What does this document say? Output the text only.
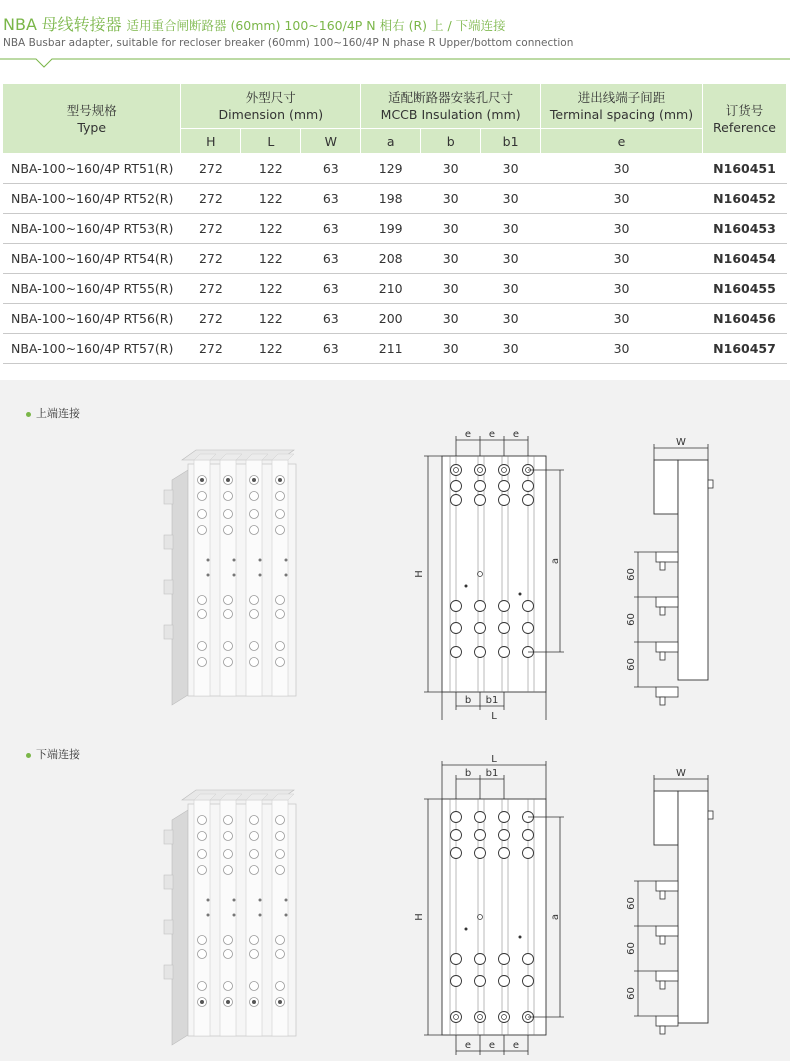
NBA 母线转接器 适用重合闸断路器 (60mm) 100~160/4P N 相右 (R) 上 / 下端连接
NBA Busbar adapter, suitable for recloser breaker (60mm) 100~160/4P N phase R Upper/bottom connection
型号规格
Type	外型尺寸
Dimension (mm)			适配断路器安装孔尺寸
MCCB Insulation (mm)			进出线端子间距
Terminal spacing (mm)	订货号
Reference
	H	L	W	a	b	b1	e	
NBA-100~160/4P RT51(R)	272	122	63	129	30	30	30	N160451
NBA-100~160/4P RT52(R)	272	122	63	198	30	30	30	N160452
NBA-100~160/4P RT53(R)	272	122	63	199	30	30	30	N160453
NBA-100~160/4P RT54(R)	272	122	63	208	30	30	30	N160454
NBA-100~160/4P RT55(R)	272	122	63	210	30	30	30	N160455
NBA-100~160/4P RT56(R)	272	122	63	200	30	30	30	N160456
NBA-100~160/4P RT57(R)	272	122	63	211	30	30	30	N160457
上端连接
下端连接
H
a
e e e
b b1
L
W
60
60
60
H	a
e e e
b b1
L
W
60
60
60
